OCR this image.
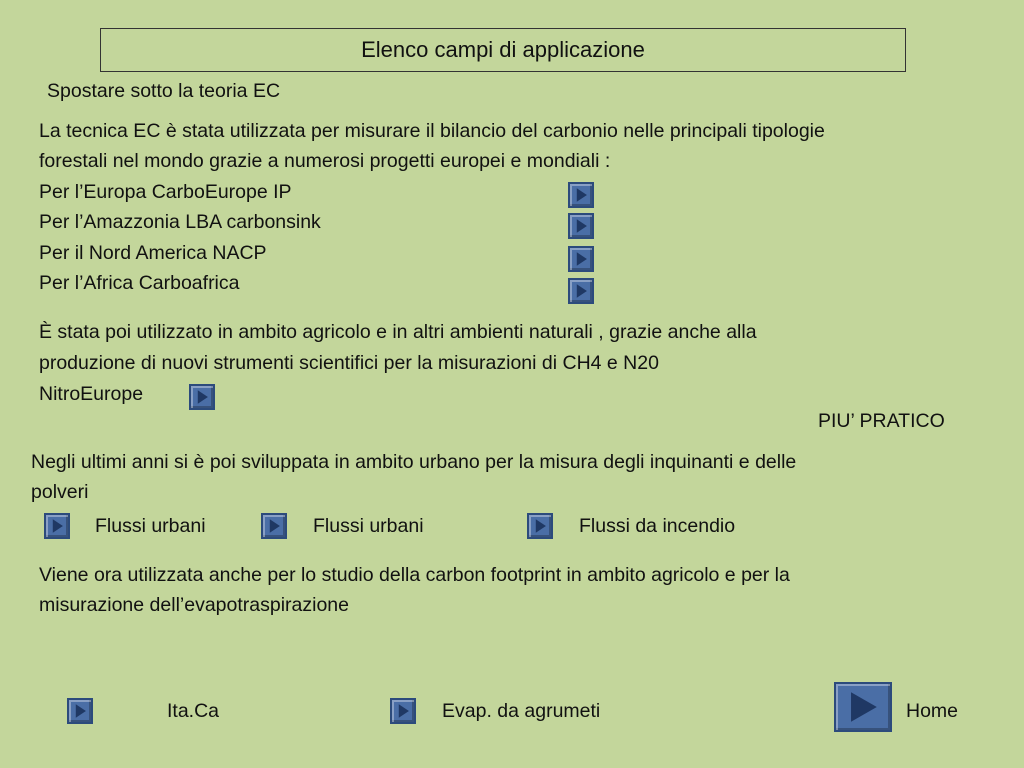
Elenco campi di applicazione
Spostare sotto la teoria EC
La tecnica EC è stata utilizzata per misurare il bilancio del carbonio nelle principali tipologie
forestali nel mondo grazie a numerosi progetti europei e mondiali :
Per l’Europa CarboEurope IP
Per l’Amazzonia LBA carbonsink
Per il Nord America NACP
Per l’Africa Carboafrica
È stata poi utilizzato in ambito agricolo e in altri ambienti naturali , grazie anche alla
produzione di nuovi strumenti scientifici per la misurazioni di CH4 e N20
NitroEurope
PIU’ PRATICO
Negli ultimi anni si è poi sviluppata in ambito urbano per la misura degli inquinanti e delle
polveri
Flussi urbani	Flussi urbani	Flussi da incendio
Viene ora utilizzata anche per lo studio della carbon footprint in ambito agricolo e per la
misurazione dell’evapotraspirazione
Ita.Ca	Evap. da agrumeti	Home
